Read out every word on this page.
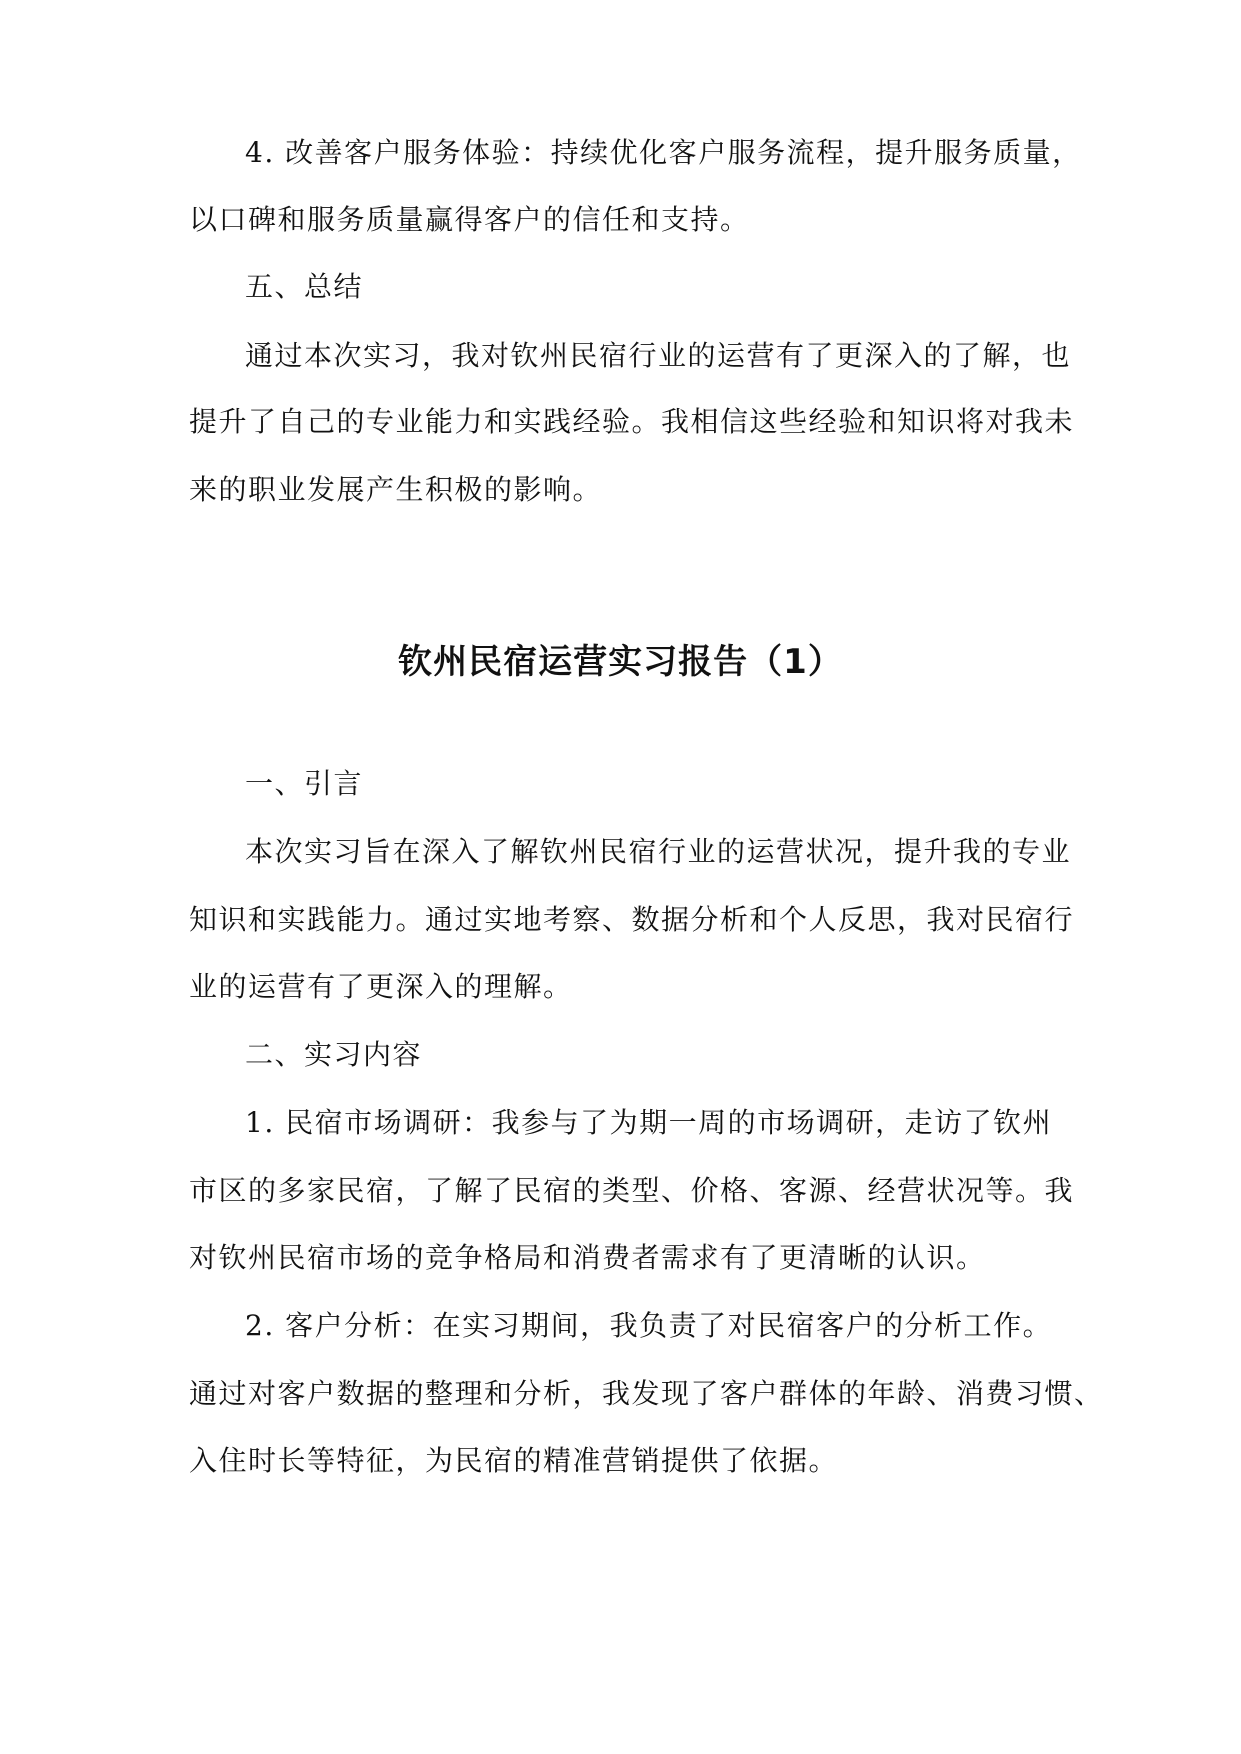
4. 改善客户服务体验：持续优化客户服务流程，提升服务质量，
以口碑和服务质量赢得客户的信任和支持。
五、总结
通过本次实习，我对钦州民宿行业的运营有了更深入的了解，也
提升了自己的专业能力和实践经验。我相信这些经验和知识将对我未
来的职业发展产生积极的影响。
钦州民宿运营实习报告（1）
一、引言
本次实习旨在深入了解钦州民宿行业的运营状况，提升我的专业
知识和实践能力。通过实地考察、数据分析和个人反思，我对民宿行
业的运营有了更深入的理解。
二、实习内容
1. 民宿市场调研：我参与了为期一周的市场调研，走访了钦州
市区的多家民宿，了解了民宿的类型、价格、客源、经营状况等。我
对钦州民宿市场的竞争格局和消费者需求有了更清晰的认识。
2. 客户分析：在实习期间，我负责了对民宿客户的分析工作。
通过对客户数据的整理和分析，我发现了客户群体的年龄、消费习惯、
入住时长等特征，为民宿的精准营销提供了依据。
